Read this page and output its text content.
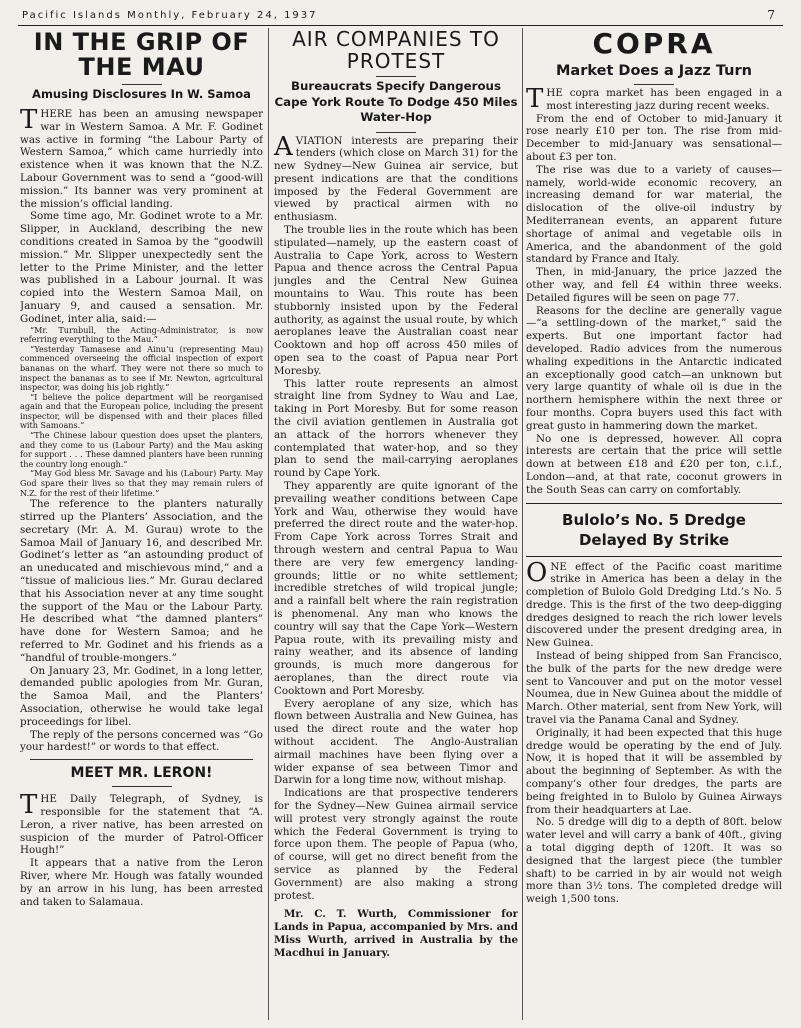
Pacific Islands Monthly, February 24, 1937	7
IN THE GRIP OF THE MAU
Amusing Disclosures In W. Samoa

THERE has been an amusing newspaper war in Western Samoa. A Mr. F. Godinet was active in forming “the Labour Party of Western Samoa,” which came hurriedly into existence when it was known that the N.Z. Labour Government was to send a “good-will mission.” Its banner was very prominent at the mission’s official landing.

Some time ago, Mr. Godinet wrote to a Mr. Slipper, in Auckland, describing the new conditions created in Samoa by the “goodwill mission.” Mr. Slipper unexpectedly sent the letter to the Prime Minister, and the letter was published in a Labour journal. It was copied into the Western Samoa Mail, on January 9, and caused a sensation. Mr. Godinet, inter alia, said:—

“Mr. Turnbull, the Acting-Administrator, is now referring everything to the Mau.”

“Yesterday Tamasese and Ainu’u (representing Mau) commenced overseeing the official inspection of export bananas on the wharf. They were not there so much to inspect the bananas as to see if Mr. Newton, agricultural inspector, was doing his job rightly.”

“I believe the police department will be reorganised again and that the European police, including the present inspector, will be dispensed with and their places filled with Samoans.”

“The Chinese labour question does upset the planters, and they come to us (Labour Party) and the Mau asking for support . . . These damned planters have been running the country long enough.”

“May God bless Mr. Savage and his (Labour) Party. May God spare their lives so that they may remain rulers of N.Z. for the rest of their lifetime.”

The reference to the planters naturally stirred up the Planters’ Association, and the secretary (Mr. A. M. Gurau) wrote to the Samoa Mail of January 16, and described Mr. Godinet’s letter as “an astounding product of an uneducated and mischievous mind,” and a “tissue of malicious lies.” Mr. Gurau declared that his Association never at any time sought the support of the Mau or the Labour Party. He described what “the damned planters” have done for Western Samoa; and he referred to Mr. Godinet and his friends as a “handful of trouble-mongers.”

On January 23, Mr. Godinet, in a long letter, demanded public apologies from Mr. Guran, the Samoa Mail, and the Planters’ Association, otherwise he would take legal proceedings for libel.

The reply of the persons concerned was “Go your hardest!” or words to that effect.

MEET MR. LERON!

THE Daily Telegraph, of Sydney, is responsible for the statement that “A. Leron, a river native, has been arrested on suspicion of the murder of Patrol-Officer Hough!”

It appears that a native from the Leron River, where Mr. Hough was fatally wounded by an arrow in his lung, has been arrested and taken to Salamaua.

AIR COMPANIES TO PROTEST
Bureaucrats Specify Dangerous Cape York Route To Dodge 450 Miles Water-Hop

AVIATION interests are preparing their tenders (which close on March 31) for the new Sydney—New Guinea air service, but present indications are that the conditions imposed by the Federal Government are viewed by practical airmen with no enthusiasm.

The trouble lies in the route which has been stipulated—namely, up the eastern coast of Australia to Cape York, across to Western Papua and thence across the Central Papua jungles and the Central New Guinea mountains to Wau. This route has been stubbornly insisted upon by the Federal authority, as against the usual route, by which aeroplanes leave the Australian coast near Cooktown and hop off across 450 miles of open sea to the coast of Papua near Port Moresby.

This latter route represents an almost straight line from Sydney to Wau and Lae, taking in Port Moresby. But for some reason the civil aviation gentlemen in Australia got an attack of the horrors whenever they contemplated that water-hop, and so they plan to send the mail-carrying aeroplanes round by Cape York.

They apparently are quite ignorant of the prevailing weather conditions between Cape York and Wau, otherwise they would have preferred the direct route and the water-hop. From Cape York across Torres Strait and through western and central Papua to Wau there are very few emergency landing-grounds; little or no white settlement; incredible stretches of wild tropical jungle; and a rainfall belt where the rain registration is phenomenal. Any man who knows the country will say that the Cape York—Western Papua route, with its prevailing misty and rainy weather, and its absence of landing grounds, is much more dangerous for aeroplanes, than the direct route via Cooktown and Port Moresby.

Every aeroplane of any size, which has flown between Australia and New Guinea, has used the direct route and the water hop without accident. The Anglo-Australian airmail machines have been flying over a wider expanse of sea between Timor and Darwin for a long time now, without mishap.

Indications are that prospective tenderers for the Sydney—New Guinea airmail service will protest very strongly against the route which the Federal Government is trying to force upon them. The people of Papua (who, of course, will get no direct benefit from the service as planned by the Federal Government) are also making a strong protest.

Mr. C. T. Wurth, Commissioner for Lands in Papua, accompanied by Mrs. and Miss Wurth, arrived in Australia by the Macdhui in January.

COPRA
Market Does a Jazz Turn

THE copra market has been engaged in a most interesting jazz during recent weeks.

From the end of October to mid-January it rose nearly £10 per ton. The rise from mid-December to mid-January was sensational—about £3 per ton.

The rise was due to a variety of causes—namely, world-wide economic recovery, an increasing demand for war material, the dislocation of the olive-oil industry by Mediterranean events, an apparent future shortage of animal and vegetable oils in America, and the abandonment of the gold standard by France and Italy.

Then, in mid-January, the price jazzed the other way, and fell £4 within three weeks. Detailed figures will be seen on page 77.

Reasons for the decline are generally vague—“a settling-down of the market,” said the experts. But one important factor had developed. Radio advices from the numerous whaling expeditions in the Antarctic indicated an exceptionally good catch—an unknown but very large quantity of whale oil is due in the northern hemisphere within the next three or four months. Copra buyers used this fact with great gusto in hammering down the market.

No one is depressed, however. All copra interests are certain that the price will settle down at between £18 and £20 per ton, c.i.f., London—and, at that rate, coconut growers in the South Seas can carry on comfortably.

Bulolo’s No. 5 Dredge Delayed By Strike

ONE effect of the Pacific coast maritime strike in America has been a delay in the completion of Bulolo Gold Dredging Ltd.’s No. 5 dredge. This is the first of the two deep-digging dredges designed to reach the rich lower levels discovered under the present dredging area, in New Guinea.

Instead of being shipped from San Francisco, the bulk of the parts for the new dredge were sent to Vancouver and put on the motor vessel Noumea, due in New Guinea about the middle of March. Other material, sent from New York, will travel via the Panama Canal and Sydney.

Originally, it had been expected that this huge dredge would be operating by the end of July. Now, it is hoped that it will be assembled by about the beginning of September. As with the company’s other four dredges, the parts are being freighted in to Bulolo by Guinea Airways from their headquarters at Lae.

No. 5 dredge will dig to a depth of 80ft. below water level and will carry a bank of 40ft., giving a total digging depth of 120ft. It was so designed that the largest piece (the tumbler shaft) to be carried in by air would not weigh more than 3½ tons. The completed dredge will weigh 1,500 tons.
